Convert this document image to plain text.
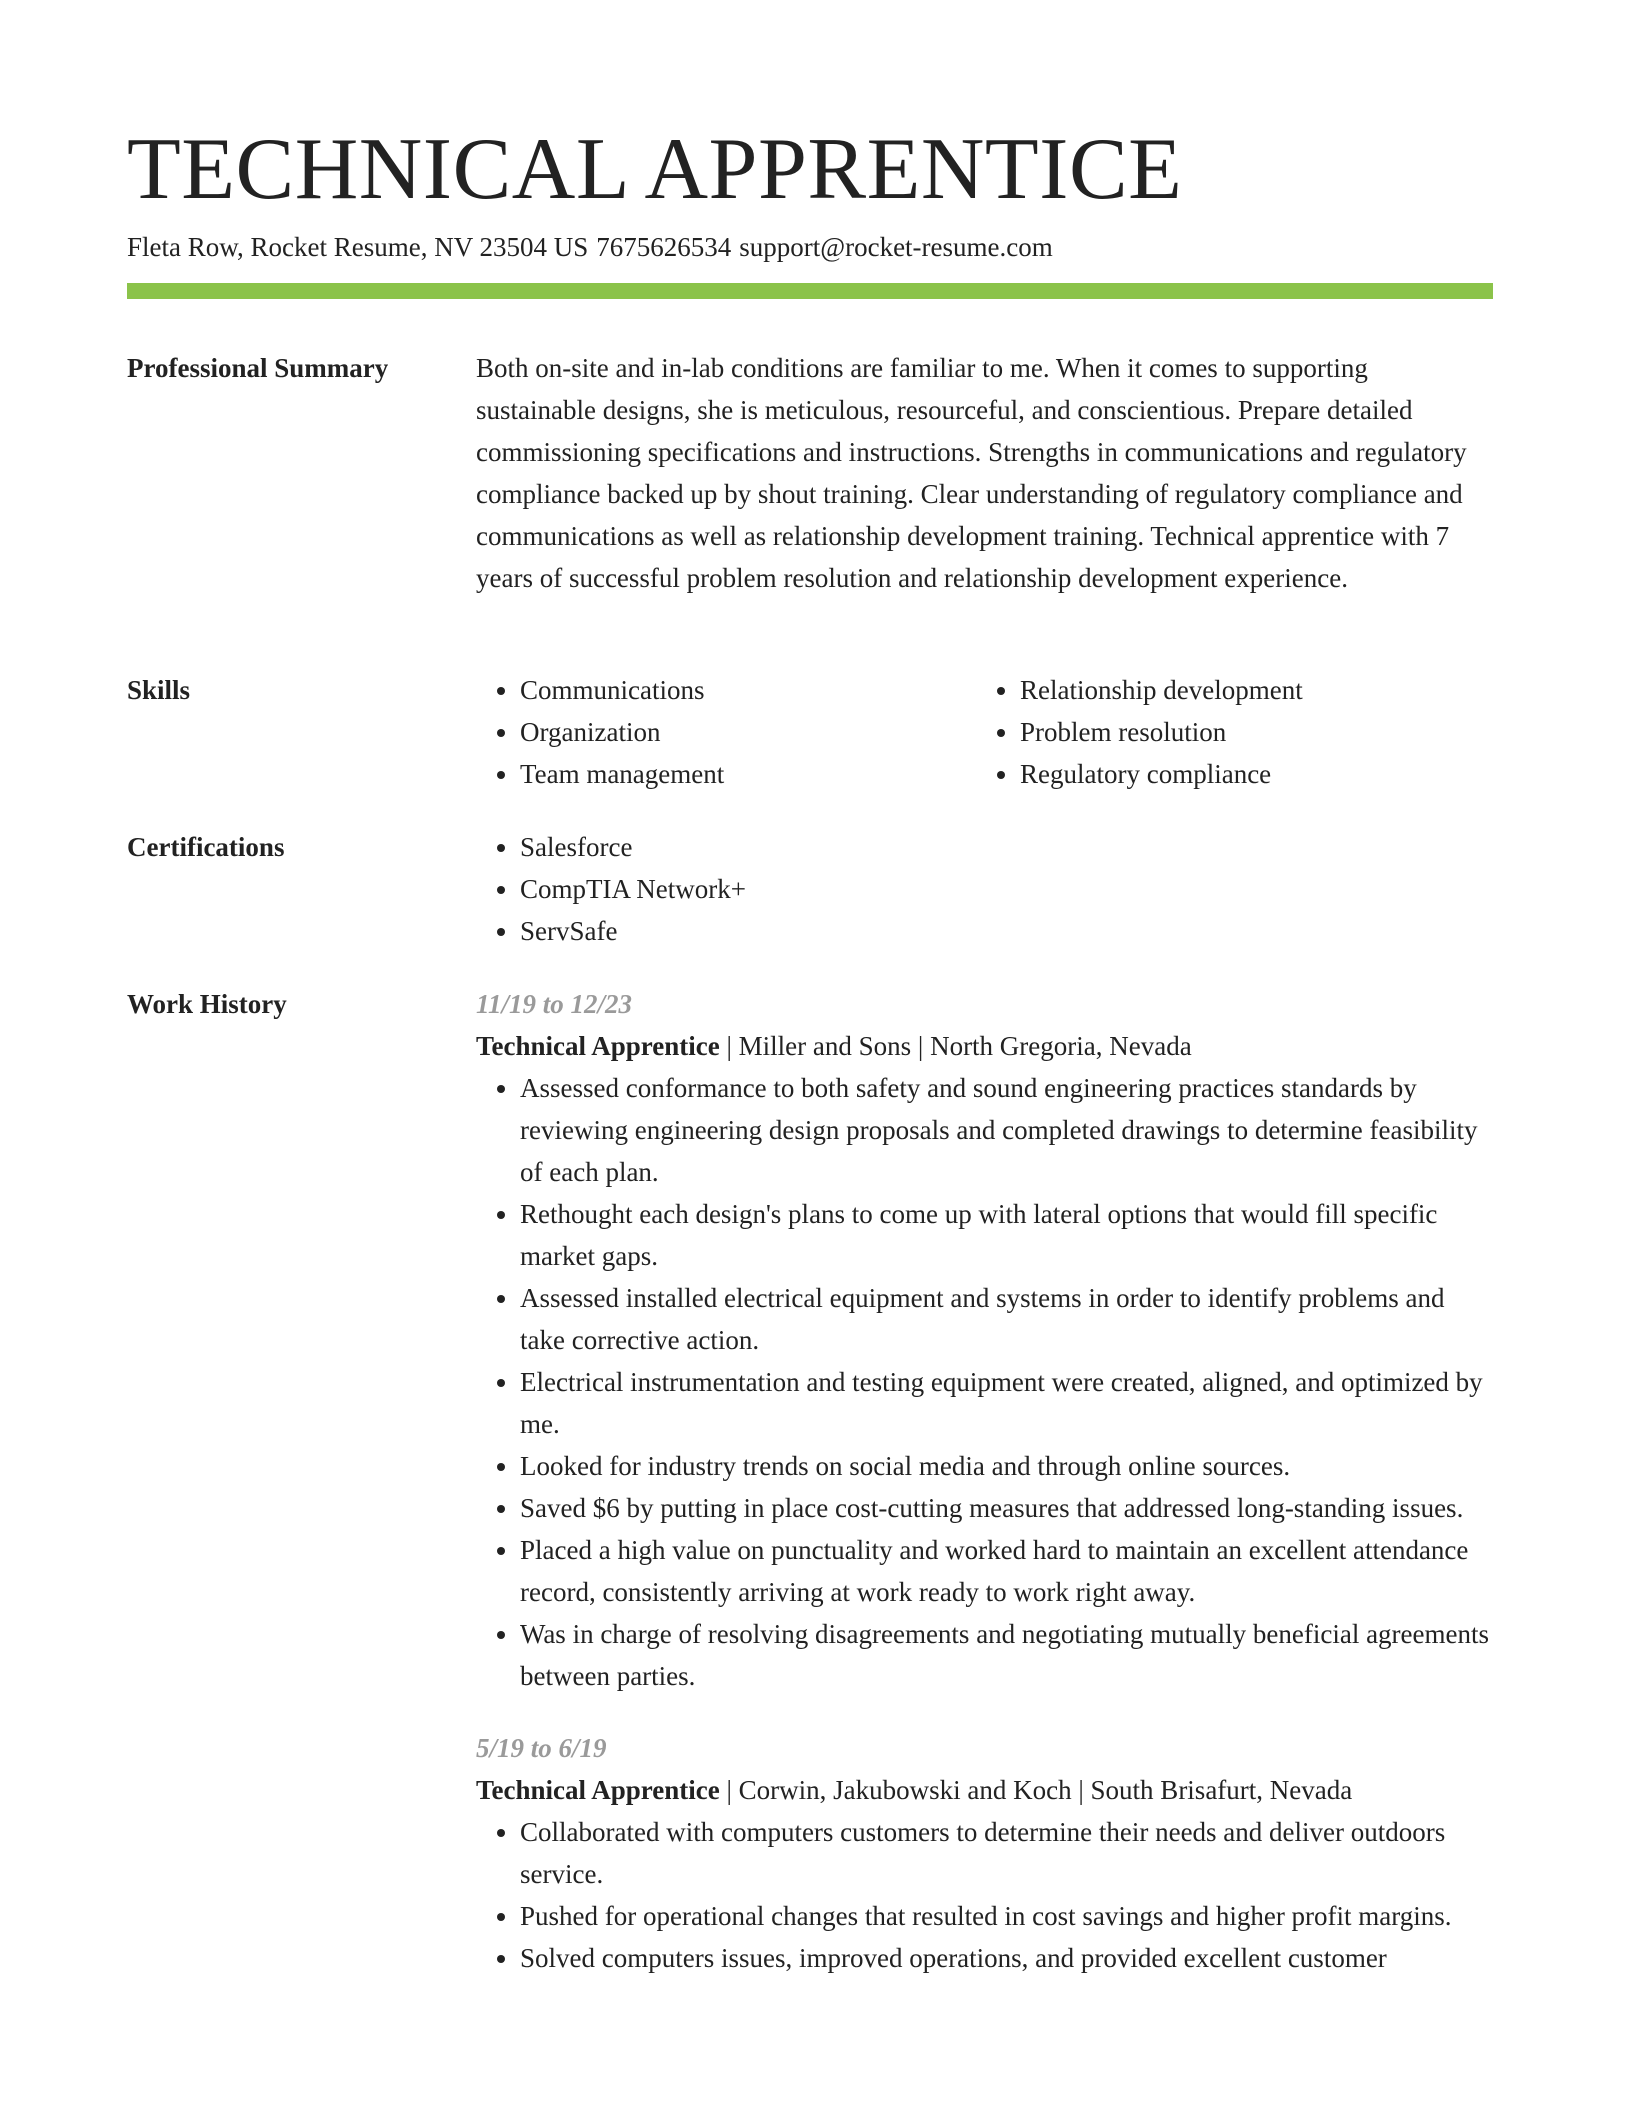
TECHNICAL APPRENTICE
Fleta Row, Rocket Resume, NV 23504 US 7675626534 support@rocket-resume.com
Professional Summary	Both on-site and in-lab conditions are familiar to me. When it comes to supporting sustainable designs, she is meticulous, resourceful, and conscientious. Prepare detailed commissioning specifications and instructions. Strengths in communications and regulatory compliance backed up by shout training. Clear understanding of regulatory compliance and communications as well as relationship development training. Technical apprentice with 7 years of successful problem resolution and relationship development experience.

Skills	• Communications
• Organization
• Team management
• Relationship development
• Problem resolution
• Regulatory compliance
Certifications	• Salesforce
• CompTIA Network+
• ServSafe
Work History	11/19 to 12/23
Technical Apprentice | Miller and Sons | North Gregoria, Nevada
• Assessed conformance to both safety and sound engineering practices standards by reviewing engineering design proposals and completed drawings to determine feasibility of each plan.
• Rethought each design's plans to come up with lateral options that would fill specific market gaps.
• Assessed installed electrical equipment and systems in order to identify problems and take corrective action.
• Electrical instrumentation and testing equipment were created, aligned, and optimized by me.
• Looked for industry trends on social media and through online sources.
• Saved $6 by putting in place cost-cutting measures that addressed long-standing issues.
• Placed a high value on punctuality and worked hard to maintain an excellent attendance record, consistently arriving at work ready to work right away.
• Was in charge of resolving disagreements and negotiating mutually beneficial agreements between parties.
5/19 to 6/19
Technical Apprentice | Corwin, Jakubowski and Koch | South Brisafurt, Nevada
• Collaborated with computers customers to determine their needs and deliver outdoors service.
• Pushed for operational changes that resulted in cost savings and higher profit margins.
• Solved computers issues, improved operations, and provided excellent customer
